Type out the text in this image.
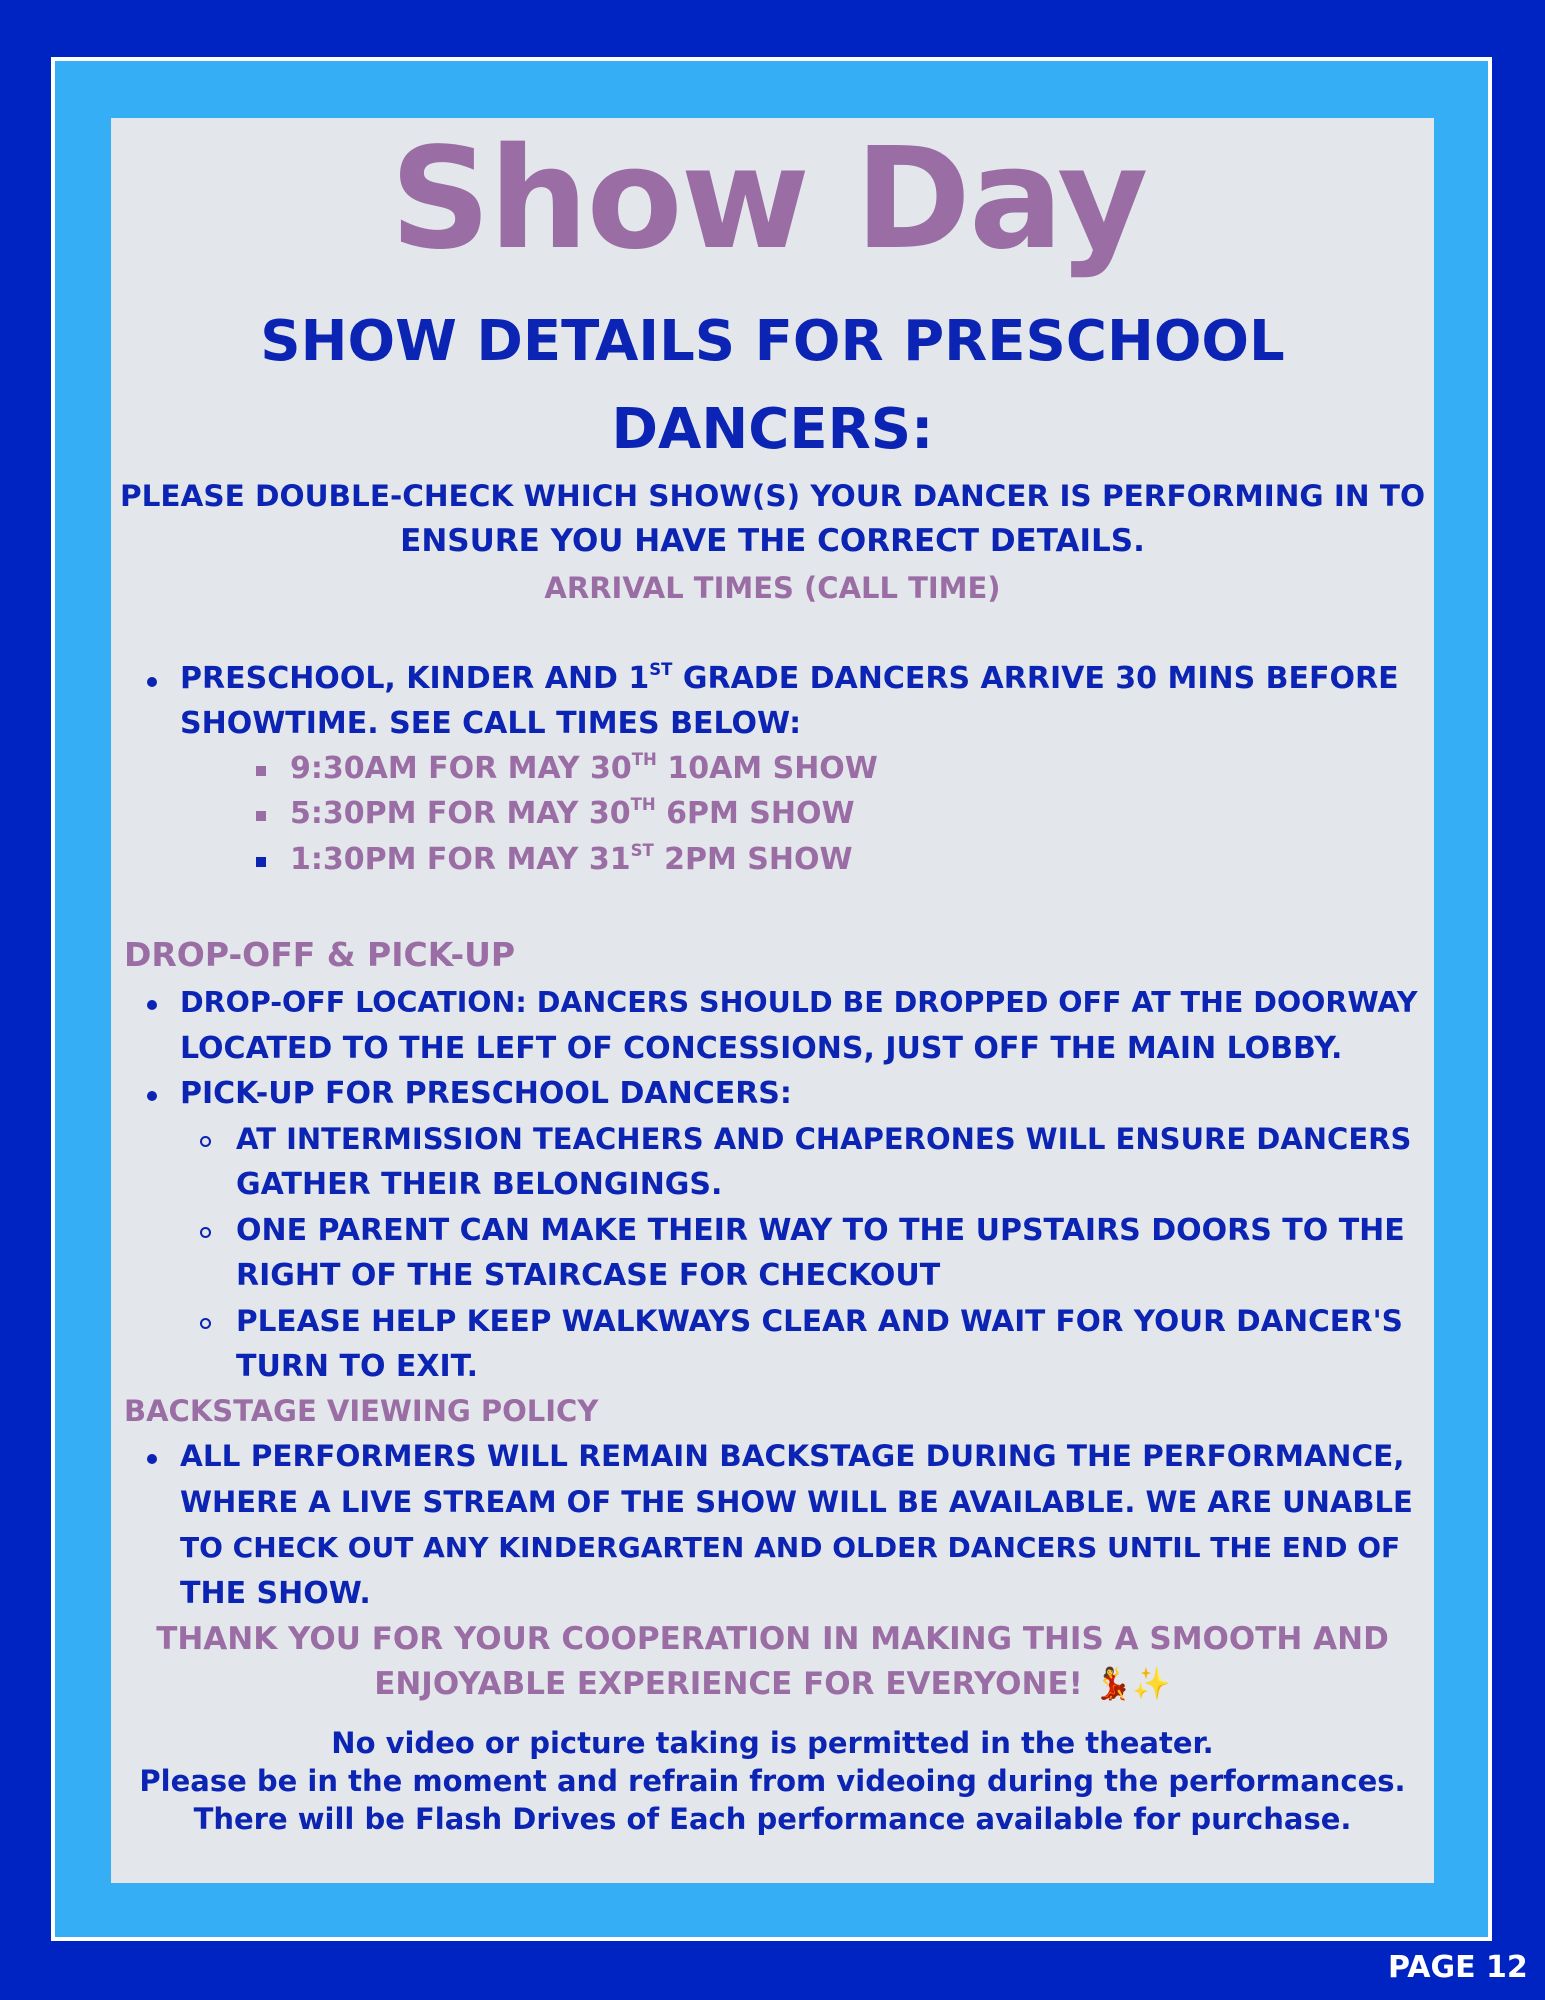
Show Day
SHOW DETAILS FOR PRESCHOOL
DANCERS:
PLEASE DOUBLE-CHECK WHICH SHOW(S) YOUR DANCER IS PERFORMING IN TO
ENSURE YOU HAVE THE CORRECT DETAILS.
ARRIVAL TIMES (CALL TIME)
PRESCHOOL, KINDER AND 1ST GRADE DANCERS ARRIVE 30 MINS BEFORE
SHOWTIME. SEE CALL TIMES BELOW:
9:30AM FOR MAY 30TH 10AM SHOW
5:30PM FOR MAY 30TH 6PM SHOW
1:30PM FOR MAY 31ST 2PM SHOW
DROP-OFF & PICK-UP
DROP-OFF LOCATION: DANCERS SHOULD BE DROPPED OFF AT THE DOORWAY
LOCATED TO THE LEFT OF CONCESSIONS, JUST OFF THE MAIN LOBBY.
PICK-UP FOR PRESCHOOL DANCERS:
AT INTERMISSION TEACHERS AND CHAPERONES WILL ENSURE DANCERS
GATHER THEIR BELONGINGS.
ONE PARENT CAN MAKE THEIR WAY TO THE UPSTAIRS DOORS TO THE
RIGHT OF THE STAIRCASE FOR CHECKOUT
PLEASE HELP KEEP WALKWAYS CLEAR AND WAIT FOR YOUR DANCER'S
TURN TO EXIT.
BACKSTAGE VIEWING POLICY
ALL PERFORMERS WILL REMAIN BACKSTAGE DURING THE PERFORMANCE,
WHERE A LIVE STREAM OF THE SHOW WILL BE AVAILABLE. WE ARE UNABLE
TO CHECK OUT ANY KINDERGARTEN AND OLDER DANCERS UNTIL THE END OF
THE SHOW.
THANK YOU FOR YOUR COOPERATION IN MAKING THIS A SMOOTH AND
ENJOYABLE EXPERIENCE FOR EVERYONE! 💃✨
No video or picture taking is permitted in the theater.
Please be in the moment and refrain from videoing during the performances.
There will be Flash Drives of Each performance available for purchase.
PAGE 12
